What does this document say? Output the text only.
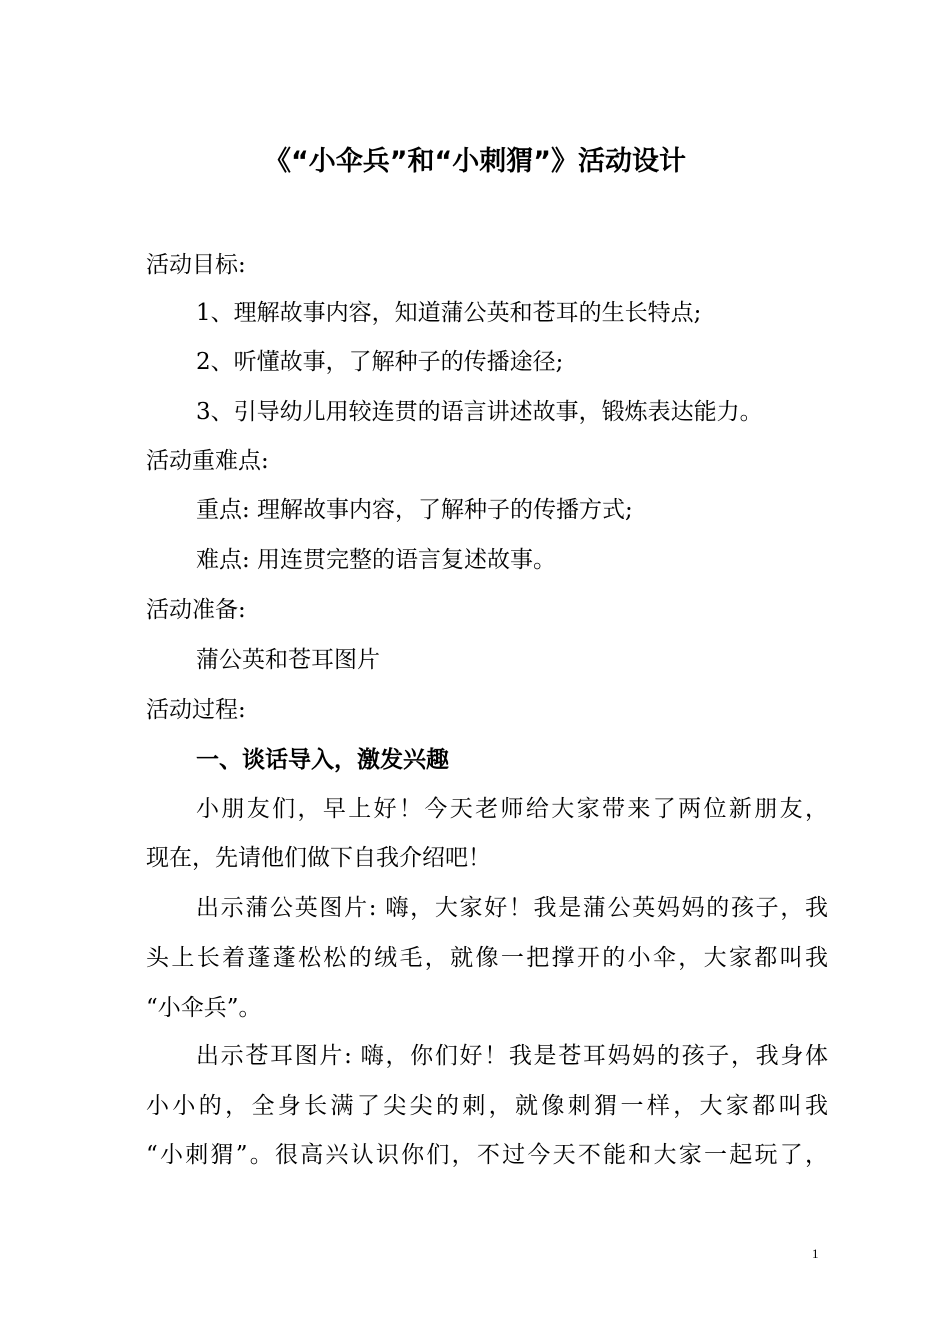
《“小伞兵”和“小刺猬”》活动设计
活动目标:
1、理解故事内容，知道蒲公英和苍耳的生长特点;
2、听懂故事，了解种子的传播途径;
3、引导幼儿用较连贯的语言讲述故事，锻炼表达能力。
活动重难点:
重点: 理解故事内容，了解种子的传播方式;
难点: 用连贯完整的语言复述故事。
活动准备:
蒲公英和苍耳图片
活动过程:
一、谈话导入，激发兴趣
小朋友们，早上好！今天老师给大家带来了两位新朋友，
现在，先请他们做下自我介绍吧！
出示蒲公英图片: 嗨，大家好！我是蒲公英妈妈的孩子，我
头上长着蓬蓬松松的绒毛，就像一把撑开的小伞，大家都叫我
“小伞兵”。
出示苍耳图片: 嗨，你们好！我是苍耳妈妈的孩子，我身体
小小的，全身长满了尖尖的刺，就像刺猬一样，大家都叫我
“小刺猬”。很高兴认识你们，不过今天不能和大家一起玩了，
1
